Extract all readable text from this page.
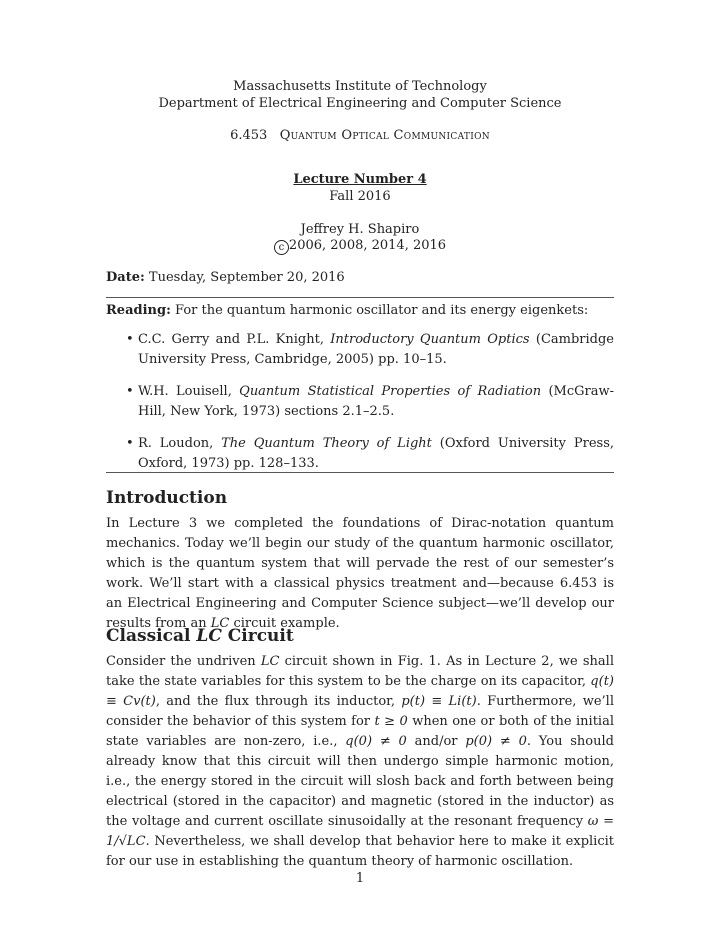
Massachusetts Institute of Technology
Department of Electrical Engineering and Computer Science
6.453 Quantum Optical Communication
Lecture Number 4
Fall 2016
Jeffrey H. Shapiro
c 2006, 2008, 2014, 2016
Date: Tuesday, September 20, 2016
Reading: For the quantum harmonic oscillator and its energy eigenkets:
• C.C. Gerry and P.L. Knight, Introductory Quantum Optics (Cambridge University Press, Cambridge, 2005) pp. 10–15.
• W.H. Louisell, Quantum Statistical Properties of Radiation (McGraw-Hill, New York, 1973) sections 2.1–2.5.
• R. Loudon, The Quantum Theory of Light (Oxford University Press, Oxford, 1973) pp. 128–133.
Introduction

In Lecture 3 we completed the foundations of Dirac-notation quantum mechanics. Today we’ll begin our study of the quantum harmonic oscillator, which is the quantum system that will pervade the rest of our semester’s work. We’ll start with a classical physics treatment and—because 6.453 is an Electrical Engineering and Computer Science subject—we’ll develop our results from an LC circuit example.

Classical LC Circuit

Consider the undriven LC circuit shown in Fig. 1. As in Lecture 2, we shall take the state variables for this system to be the charge on its capacitor, q(t) ≡ Cv(t), and the flux through its inductor, p(t) ≡ Li(t). Furthermore, we’ll consider the behavior of this system for t ≥ 0 when one or both of the initial state variables are non-zero, i.e., q(0) ≠ 0 and/or p(0) ≠ 0. You should already know that this circuit will then undergo simple harmonic motion, i.e., the energy stored in the circuit will slosh back and forth between being electrical (stored in the capacitor) and magnetic (stored in the inductor) as the voltage and current oscillate sinusoidally at the resonant frequency ω = 1/√LC. Nevertheless, we shall develop that behavior here to make it explicit for our use in establishing the quantum theory of harmonic oscillation.

1
